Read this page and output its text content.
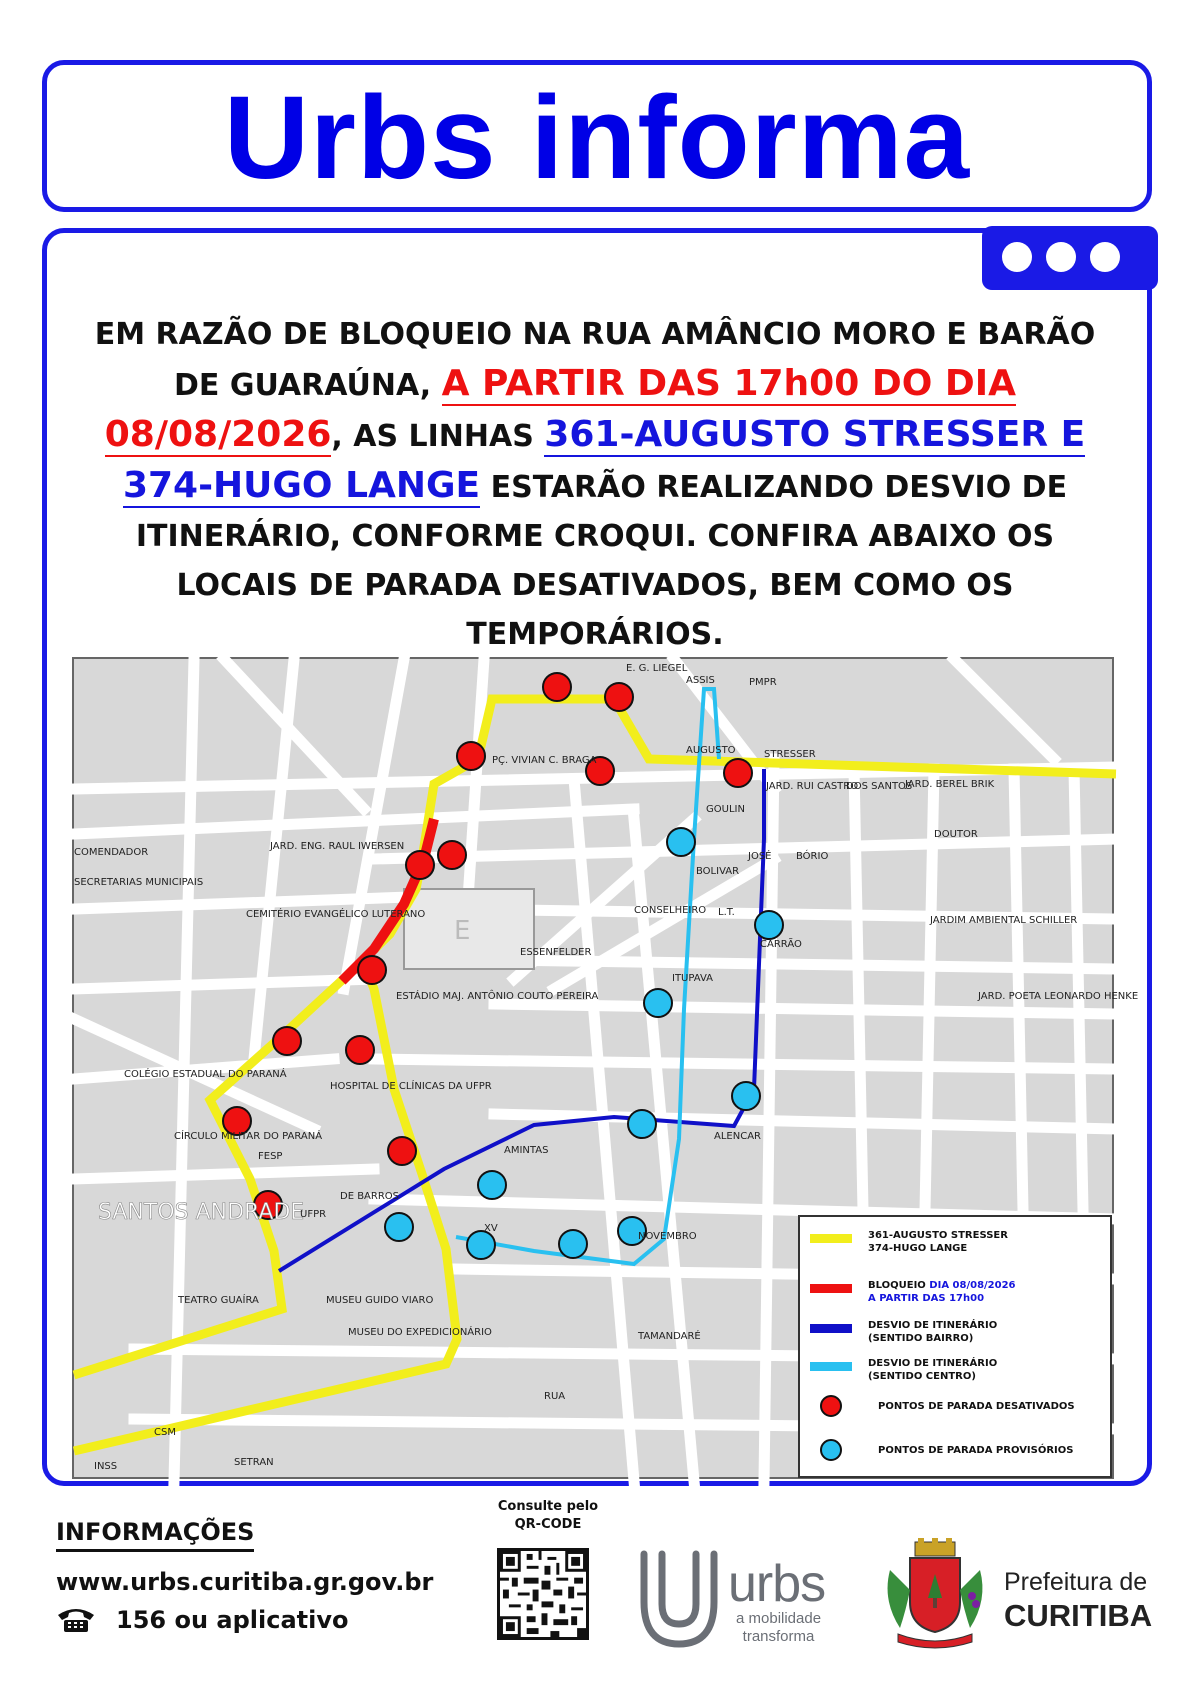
Urbs informa
EM RAZÃO DE BLOQUEIO NA RUA AMÂNCIO MORO E BARÃO DE GUARAÚNA, A PARTIR DAS 17h00 DO DIA 08/08/2026, AS LINHAS 361-AUGUSTO STRESSER E 374-HUGO LANGE ESTARÃO REALIZANDO DESVIO DE ITINERÁRIO, CONFORME CROQUI. CONFIRA ABAIXO OS LOCAIS DE PARADA DESATIVADOS, BEM COMO OS TEMPORÁRIOS.
E
E. G. LIEGEL
PMPR
ASSIS
AUGUSTO	STRESSER
JARD. RUI CASTRO
DOS SANTOS
JARD. BEREL BRIK
GOULIN
DOUTOR
BOLIVAR
CONSELHEIRO
ITUPAVA
ESSENFELDER
CEMITÉRIO EVANGÉLICO LUTERANO
ESTÁDIO MAJ. ANTÔNIO COUTO PEREIRA
HOSPITAL DE CLÍNICAS DA UFPR
COLÉGIO ESTADUAL DO PARANÁ
CÍRCULO MILITAR DO PARANÁ
TEATRO GUAÍRA	MUSEU GUIDO VIARO
MUSEU DO EXPEDICIONÁRIO
NOVEMBRO
XV
AMINTAS
DE BARROS
TAMANDARÉ
ALENCAR
JOSÉ BÓRIO
SANTOS ANDRADE
UFPR
FESP
JARD. ENG. RAUL IWERSEN
PÇ. VIVIAN C. BRAGA
SECRETARIAS MUNICIPAIS
COMENDADOR
JARDIM AMBIENTAL SCHILLER
JARD. POETA LEONARDO HENKE
SETRAN
CSM
INSS
RUA
CARRÃO
L.T.
361-AUGUSTO STRESSER
374-HUGO LANGE
BLOQUEIO DIA 08/08/2026
A PARTIR DAS 17h00
DESVIO DE ITINERÁRIO
(SENTIDO BAIRRO)
DESVIO DE ITINERÁRIO
(SENTIDO CENTRO)
PONTOS DE PARADA DESATIVADOS
PONTOS DE PARADA PROVISÓRIOS
INFORMAÇÕES
www.urbs.curitiba.gr.gov.br
156 ou aplicativo
Consulte pelo
QR-CODE
urbs
a mobilidade
transforma
Prefeitura de
CURITIBA
